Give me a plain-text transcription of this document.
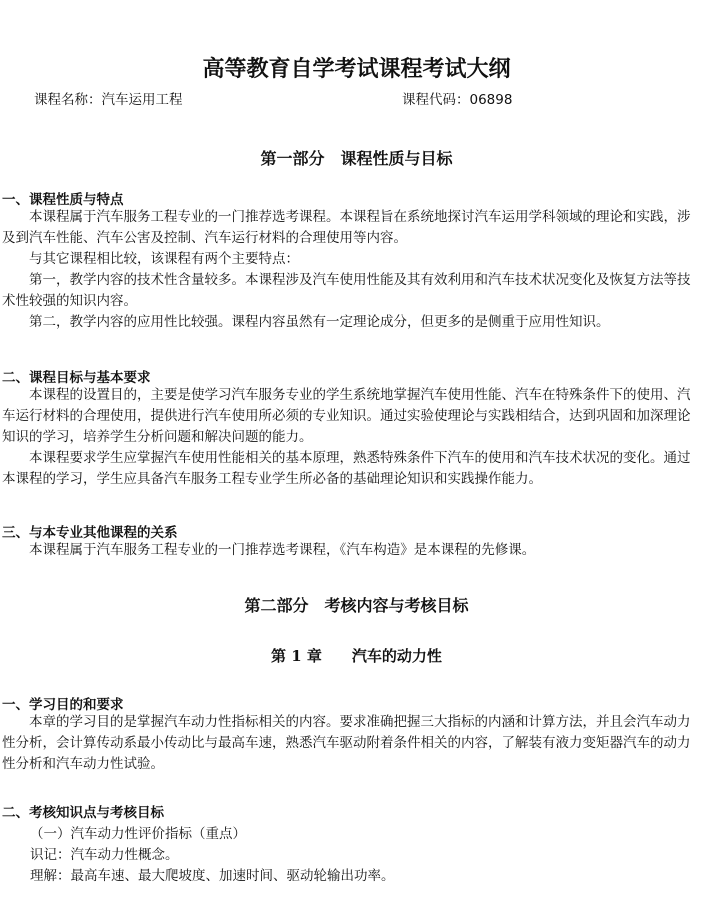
高等教育自学考试课程考试大纲
课程名称：汽车运用工程	课程代码：06898
第一部分　课程性质与目标
一、课程性质与特点

本课程属于汽车服务工程专业的一门推荐选考课程。本课程旨在系统地探讨汽车运用学科领域的理论和实践，涉及到汽车性能、汽车公害及控制、汽车运行材料的合理使用等内容。

与其它课程相比较，该课程有两个主要特点：

第一，教学内容的技术性含量较多。本课程涉及汽车使用性能及其有效利用和汽车技术状况变化及恢复方法等技术性较强的知识内容。

第二，教学内容的应用性比较强。课程内容虽然有一定理论成分，但更多的是侧重于应用性知识。

二、课程目标与基本要求

本课程的设置目的，主要是使学习汽车服务专业的学生系统地掌握汽车使用性能、汽车在特殊条件下的使用、汽车运行材料的合理使用，提供进行汽车使用所必须的专业知识。通过实验使理论与实践相结合，达到巩固和加深理论知识的学习，培养学生分析问题和解决问题的能力。

本课程要求学生应掌握汽车使用性能相关的基本原理，熟悉特殊条件下汽车的使用和汽车技术状况的变化。通过本课程的学习，学生应具备汽车服务工程专业学生所必备的基础理论知识和实践操作能力。

三、与本专业其他课程的关系

本课程属于汽车服务工程专业的一门推荐选考课程，《汽车构造》是本课程的先修课。

第二部分　考核内容与考核目标
第 1 章　　汽车的动力性
一、学习目的和要求

本章的学习目的是掌握汽车动力性指标相关的内容。要求准确把握三大指标的内涵和计算方法，并且会汽车动力性分析，会计算传动系最小传动比与最高车速，熟悉汽车驱动附着条件相关的内容，了解装有液力变矩器汽车的动力性分析和汽车动力性试验。

二、考核知识点与考核目标
（一）汽车动力性评价指标（重点）
识记：汽车动力性概念。
理解：最高车速、最大爬坡度、加速时间、驱动轮输出功率。
